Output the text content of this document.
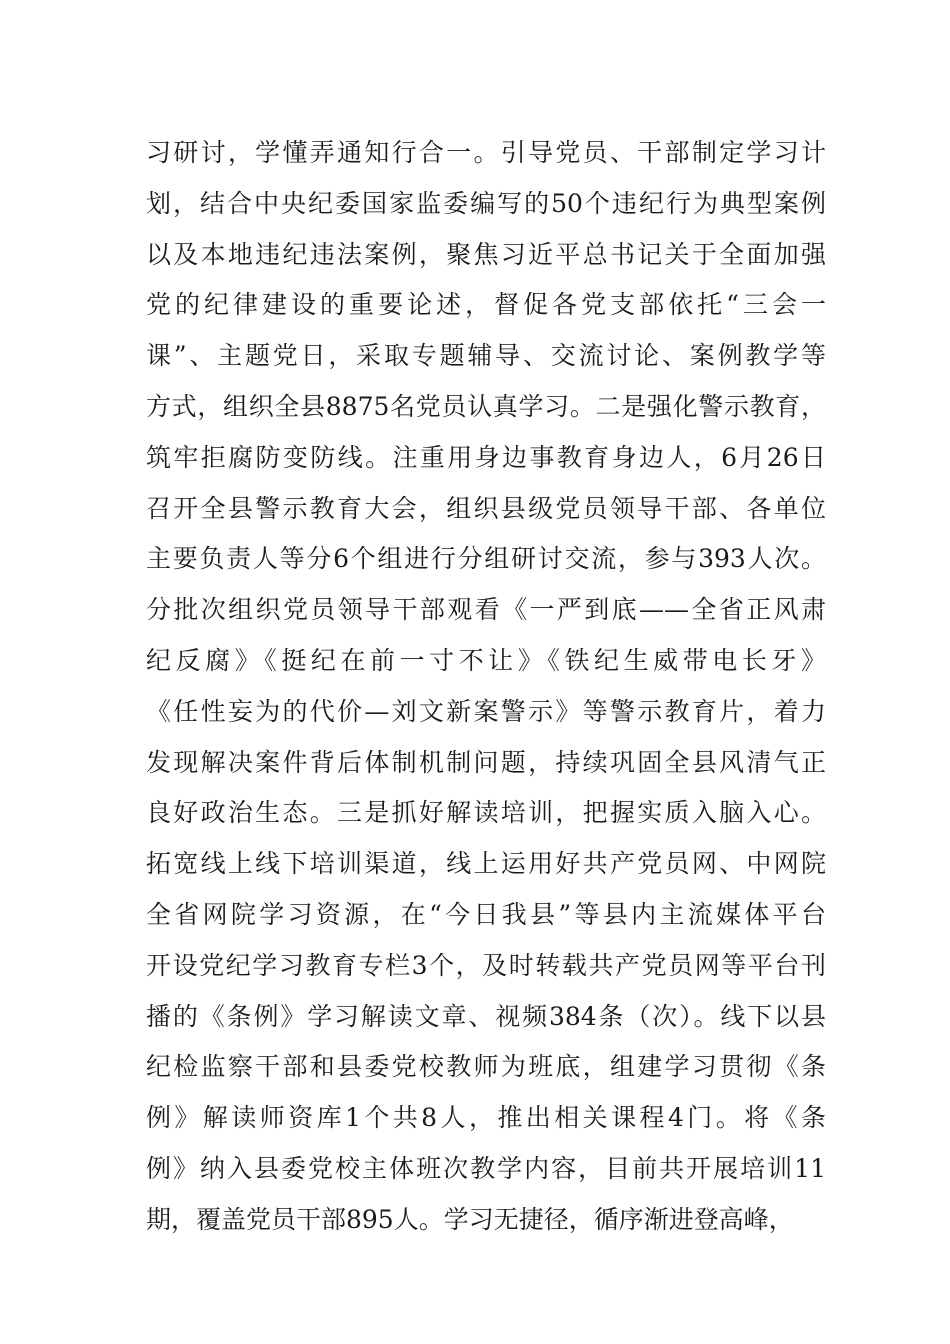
习研讨，学懂弄通知行合一。引导党员、干部制定学习计
划，结合中央纪委国家监委编写的50个违纪行为典型案例
以及本地违纪违法案例，聚焦习近平总书记关于全面加强
党的纪律建设的重要论述，督促各党支部依托“三会一
课”、主题党日，采取专题辅导、交流讨论、案例教学等
方式，组织全县8875名党员认真学习。二是强化警示教育，
筑牢拒腐防变防线。注重用身边事教育身边人，6月26日
召开全县警示教育大会，组织县级党员领导干部、各单位
主要负责人等分6个组进行分组研讨交流，参与393人次。
分批次组织党员领导干部观看《一严到底——全省正风肃
纪反腐》《挺纪在前一寸不让》《铁纪生威带电长牙》
《任性妄为的代价—刘文新案警示》等警示教育片，着力
发现解决案件背后体制机制问题，持续巩固全县风清气正
良好政治生态。三是抓好解读培训，把握实质入脑入心。
拓宽线上线下培训渠道，线上运用好共产党员网、中网院
全省网院学习资源，在“今日我县”等县内主流媒体平台
开设党纪学习教育专栏3个，及时转载共产党员网等平台刊
播的《条例》学习解读文章、视频384条（次）。线下以县
纪检监察干部和县委党校教师为班底，组建学习贯彻《条
例》解读师资库1个共8人，推出相关课程4门。将《条
例》纳入县委党校主体班次教学内容，目前共开展培训11
期，覆盖党员干部895人。学习无捷径，循序渐进登高峰，
